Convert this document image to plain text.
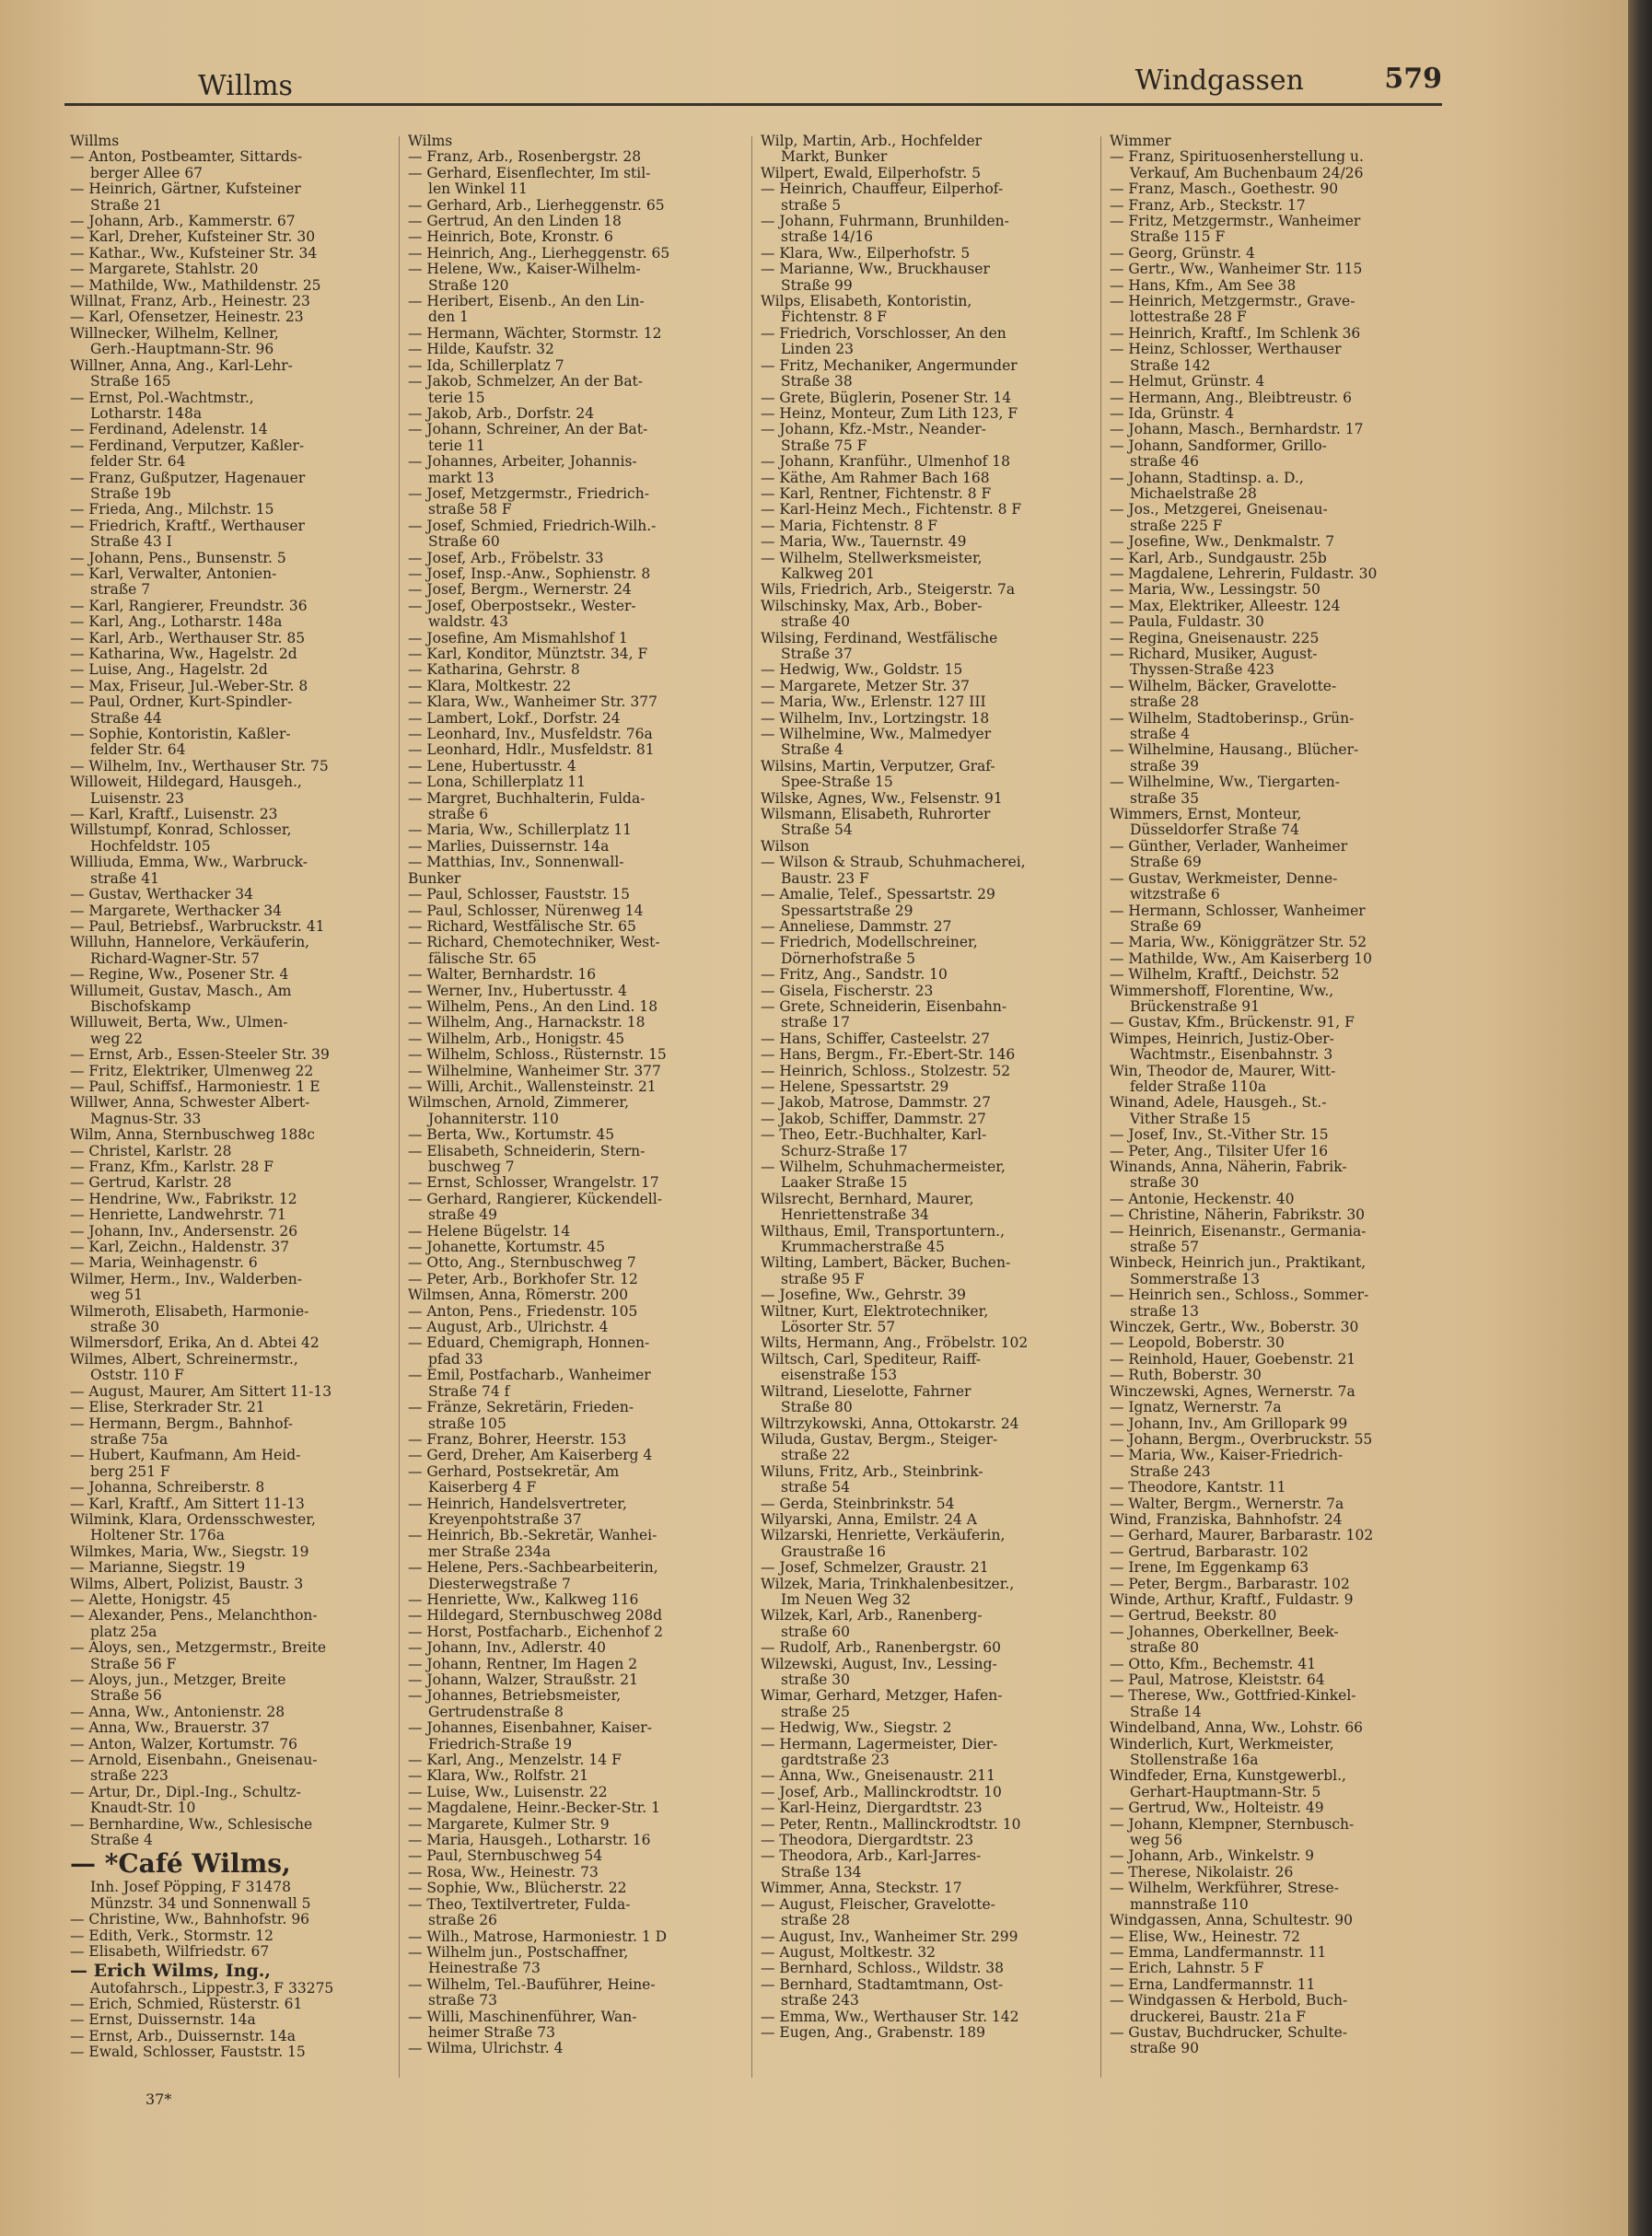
Willms	Windgassen	579
Willms
— Anton, Postbeamter, Sittards-
berger Allee 67
— Heinrich, Gärtner, Kufsteiner
Straße 21
— Johann, Arb., Kammerstr. 67
— Karl, Dreher, Kufsteiner Str. 30
— Kathar., Ww., Kufsteiner Str. 34
— Margarete, Stahlstr. 20
— Mathilde, Ww., Mathildenstr. 25
Willnat, Franz, Arb., Heinestr. 23
— Karl, Ofensetzer, Heinestr. 23
Willnecker, Wilhelm, Kellner,
Gerh.-Hauptmann-Str. 96
Willner, Anna, Ang., Karl-Lehr-
Straße 165
— Ernst, Pol.-Wachtmstr.,
Lotharstr. 148a
— Ferdinand, Adelenstr. 14
— Ferdinand, Verputzer, Kaßler-
felder Str. 64
— Franz, Gußputzer, Hagenauer
Straße 19b
— Frieda, Ang., Milchstr. 15
— Friedrich, Kraftf., Werthauser
Straße 43 I
— Johann, Pens., Bunsenstr. 5
— Karl, Verwalter, Antonien-
straße 7
— Karl, Rangierer, Freundstr. 36
— Karl, Ang., Lotharstr. 148a
— Karl, Arb., Werthauser Str. 85
— Katharina, Ww., Hagelstr. 2d
— Luise, Ang., Hagelstr. 2d
— Max, Friseur, Jul.-Weber-Str. 8
— Paul, Ordner, Kurt-Spindler-
Straße 44
— Sophie, Kontoristin, Kaßler-
felder Str. 64
— Wilhelm, Inv., Werthauser Str. 75
Willoweit, Hildegard, Hausgeh.,
Luisenstr. 23
— Karl, Kraftf., Luisenstr. 23
Willstumpf, Konrad, Schlosser,
Hochfeldstr. 105
Williuda, Emma, Ww., Warbruck-
straße 41
— Gustav, Werthacker 34
— Margarete, Werthacker 34
— Paul, Betriebsf., Warbruckstr. 41
Willuhn, Hannelore, Verkäuferin,
Richard-Wagner-Str. 57
— Regine, Ww., Posener Str. 4
Willumeit, Gustav, Masch., Am
Bischofskamp
Willuweit, Berta, Ww., Ulmen-
weg 22
— Ernst, Arb., Essen-Steeler Str. 39
— Fritz, Elektriker, Ulmenweg 22
— Paul, Schiffsf., Harmoniestr. 1 E
Willwer, Anna, Schwester Albert-
Magnus-Str. 33
Wilm, Anna, Sternbuschweg 188c
— Christel, Karlstr. 28
— Franz, Kfm., Karlstr. 28 F
— Gertrud, Karlstr. 28
— Hendrine, Ww., Fabrikstr. 12
— Henriette, Landwehrstr. 71
— Johann, Inv., Andersenstr. 26
— Karl, Zeichn., Haldenstr. 37
— Maria, Weinhagenstr. 6
Wilmer, Herm., Inv., Walderben-
weg 51
Wilmeroth, Elisabeth, Harmonie-
straße 30
Wilmersdorf, Erika, An d. Abtei 42
Wilmes, Albert, Schreinermstr.,
Oststr. 110 F
— August, Maurer, Am Sittert 11-13
— Elise, Sterkrader Str. 21
— Hermann, Bergm., Bahnhof-
straße 75a
— Hubert, Kaufmann, Am Heid-
berg 251 F
— Johanna, Schreiberstr. 8
— Karl, Kraftf., Am Sittert 11-13
Wilmink, Klara, Ordensschwester,
Holtener Str. 176a
Wilmkes, Maria, Ww., Siegstr. 19
— Marianne, Siegstr. 19
Wilms, Albert, Polizist, Baustr. 3
— Alette, Honigstr. 45
— Alexander, Pens., Melanchthon-
platz 25a
— Aloys, sen., Metzgermstr., Breite
Straße 56 F
— Aloys, jun., Metzger, Breite
Straße 56
— Anna, Ww., Antonienstr. 28
— Anna, Ww., Brauerstr. 37
— Anton, Walzer, Kortumstr. 76
— Arnold, Eisenbahn., Gneisenau-
straße 223
— Artur, Dr., Dipl.-Ing., Schultz-
Knaudt-Str. 10
— Bernhardine, Ww., Schlesische
Straße 4
— *Café Wilms,
Inh. Josef Pöpping, F 31478
Münzstr. 34 und Sonnenwall 5
— Christine, Ww., Bahnhofstr. 96
— Edith, Verk., Stormstr. 12
— Elisabeth, Wilfriedstr. 67
— Erich Wilms, Ing.,
Autofahrsch., Lippestr.3, F 33275
— Erich, Schmied, Rüsterstr. 61
— Ernst, Duissernstr. 14a
— Ernst, Arb., Duissernstr. 14a
— Ewald, Schlosser, Fauststr. 15
Wilms
— Franz, Arb., Rosenbergstr. 28
— Gerhard, Eisenflechter, Im stil-
len Winkel 11
— Gerhard, Arb., Lierheggenstr. 65
— Gertrud, An den Linden 18
— Heinrich, Bote, Kronstr. 6
— Heinrich, Ang., Lierheggenstr. 65
— Helene, Ww., Kaiser-Wilhelm-
Straße 120
— Heribert, Eisenb., An den Lin-
den 1
— Hermann, Wächter, Stormstr. 12
— Hilde, Kaufstr. 32
— Ida, Schillerplatz 7
— Jakob, Schmelzer, An der Bat-
terie 15
— Jakob, Arb., Dorfstr. 24
— Johann, Schreiner, An der Bat-
terie 11
— Johannes, Arbeiter, Johannis-
markt 13
— Josef, Metzgermstr., Friedrich-
straße 58 F
— Josef, Schmied, Friedrich-Wilh.-
Straße 60
— Josef, Arb., Fröbelstr. 33
— Josef, Insp.-Anw., Sophienstr. 8
— Josef, Bergm., Wernerstr. 24
— Josef, Oberpostsekr., Wester-
waldstr. 43
— Josefine, Am Mismahlshof 1
— Karl, Konditor, Münztstr. 34, F
— Katharina, Gehrstr. 8
— Klara, Moltkestr. 22
— Klara, Ww., Wanheimer Str. 377
— Lambert, Lokf., Dorfstr. 24
— Leonhard, Inv., Musfeldstr. 76a
— Leonhard, Hdlr., Musfeldstr. 81
— Lene, Hubertusstr. 4
— Lona, Schillerplatz 11
— Margret, Buchhalterin, Fulda-
straße 6
— Maria, Ww., Schillerplatz 11
— Marlies, Duissernstr. 14a
— Matthias, Inv., Sonnenwall-
Bunker
— Paul, Schlosser, Fauststr. 15
— Paul, Schlosser, Nürenweg 14
— Richard, Westfälische Str. 65
— Richard, Chemotechniker, West-
fälische Str. 65
— Walter, Bernhardstr. 16
— Werner, Inv., Hubertusstr. 4
— Wilhelm, Pens., An den Lind. 18
— Wilhelm, Ang., Harnackstr. 18
— Wilhelm, Arb., Honigstr. 45
— Wilhelm, Schloss., Rüsternstr. 15
— Wilhelmine, Wanheimer Str. 377
— Willi, Archit., Wallensteinstr. 21
Wilmschen, Arnold, Zimmerer,
Johanniterstr. 110
— Berta, Ww., Kortumstr. 45
— Elisabeth, Schneiderin, Stern-
buschweg 7
— Ernst, Schlosser, Wrangelstr. 17
— Gerhard, Rangierer, Kückendell-
straße 49
— Helene Bügelstr. 14
— Johanette, Kortumstr. 45
— Otto, Ang., Sternbuschweg 7
— Peter, Arb., Borkhofer Str. 12
Wilmsen, Anna, Römerstr. 200
— Anton, Pens., Friedenstr. 105
— August, Arb., Ulrichstr. 4
— Eduard, Chemigraph, Honnen-
pfad 33
— Emil, Postfacharb., Wanheimer
Straße 74 f
— Fränze, Sekretärin, Frieden-
straße 105
— Franz, Bohrer, Heerstr. 153
— Gerd, Dreher, Am Kaiserberg 4
— Gerhard, Postsekretär, Am
Kaiserberg 4 F
— Heinrich, Handelsvertreter,
Kreyenpohtstraße 37
— Heinrich, Bb.-Sekretär, Wanhei-
mer Straße 234a
— Helene, Pers.-Sachbearbeiterin,
Diesterwegstraße 7
— Henriette, Ww., Kalkweg 116
— Hildegard, Sternbuschweg 208d
— Horst, Postfacharb., Eichenhof 2
— Johann, Inv., Adlerstr. 40
— Johann, Rentner, Im Hagen 2
— Johann, Walzer, Straußstr. 21
— Johannes, Betriebsmeister,
Gertrudenstraße 8
— Johannes, Eisenbahner, Kaiser-
Friedrich-Straße 19
— Karl, Ang., Menzelstr. 14 F
— Klara, Ww., Rolfstr. 21
— Luise, Ww., Luisenstr. 22
— Magdalene, Heinr.-Becker-Str. 1
— Margarete, Kulmer Str. 9
— Maria, Hausgeh., Lotharstr. 16
— Paul, Sternbuschweg 54
— Rosa, Ww., Heinestr. 73
— Sophie, Ww., Blücherstr. 22
— Theo, Textilvertreter, Fulda-
straße 26
— Wilh., Matrose, Harmoniestr. 1 D
— Wilhelm jun., Postschaffner,
Heinestraße 73
— Wilhelm, Tel.-Bauführer, Heine-
straße 73
— Willi, Maschinenführer, Wan-
heimer Straße 73
— Wilma, Ulrichstr. 4
Wilp, Martin, Arb., Hochfelder
Markt, Bunker
Wilpert, Ewald, Eilperhofstr. 5
— Heinrich, Chauffeur, Eilperhof-
straße 5
— Johann, Fuhrmann, Brunhilden-
straße 14/16
— Klara, Ww., Eilperhofstr. 5
— Marianne, Ww., Bruckhauser
Straße 99
Wilps, Elisabeth, Kontoristin,
Fichtenstr. 8 F
— Friedrich, Vorschlosser, An den
Linden 23
— Fritz, Mechaniker, Angermunder
Straße 38
— Grete, Büglerin, Posener Str. 14
— Heinz, Monteur, Zum Lith 123, F
— Johann, Kfz.-Mstr., Neander-
Straße 75 F
— Johann, Kranführ., Ulmenhof 18
— Käthe, Am Rahmer Bach 168
— Karl, Rentner, Fichtenstr. 8 F
— Karl-Heinz Mech., Fichtenstr. 8 F
— Maria, Fichtenstr. 8 F
— Maria, Ww., Tauernstr. 49
— Wilhelm, Stellwerksmeister,
Kalkweg 201
Wils, Friedrich, Arb., Steigerstr. 7a
Wilschinsky, Max, Arb., Bober-
straße 40
Wilsing, Ferdinand, Westfälische
Straße 37
— Hedwig, Ww., Goldstr. 15
— Margarete, Metzer Str. 37
— Maria, Ww., Erlenstr. 127 III
— Wilhelm, Inv., Lortzingstr. 18
— Wilhelmine, Ww., Malmedyer
Straße 4
Wilsins, Martin, Verputzer, Graf-
Spee-Straße 15
Wilske, Agnes, Ww., Felsenstr. 91
Wilsmann, Elisabeth, Ruhrorter
Straße 54
Wilson
— Wilson & Straub, Schuhmacherei,
Baustr. 23 F
— Amalie, Telef., Spessartstr. 29
Spessartstraße 29
— Anneliese, Dammstr. 27
— Friedrich, Modellschreiner,
Dörnerhofstraße 5
— Fritz, Ang., Sandstr. 10
— Gisela, Fischerstr. 23
— Grete, Schneiderin, Eisenbahn-
straße 17
— Hans, Schiffer, Casteelstr. 27
— Hans, Bergm., Fr.-Ebert-Str. 146
— Heinrich, Schloss., Stolzestr. 52
— Helene, Spessartstr. 29
— Jakob, Matrose, Dammstr. 27
— Jakob, Schiffer, Dammstr. 27
— Theo, Eetr.-Buchhalter, Karl-
Schurz-Straße 17
— Wilhelm, Schuhmachermeister,
Laaker Straße 15
Wilsrecht, Bernhard, Maurer,
Henriettenstraße 34
Wilthaus, Emil, Transportuntern.,
Krummacherstraße 45
Wilting, Lambert, Bäcker, Buchen-
straße 95 F
— Josefine, Ww., Gehrstr. 39
Wiltner, Kurt, Elektrotechniker,
Lösorter Str. 57
Wilts, Hermann, Ang., Fröbelstr. 102
Wiltsch, Carl, Spediteur, Raiff-
eisenstraße 153
Wiltrand, Lieselotte, Fahrner
Straße 80
Wiltrzykowski, Anna, Ottokarstr. 24
Wiluda, Gustav, Bergm., Steiger-
straße 22
Wiluns, Fritz, Arb., Steinbrink-
straße 54
— Gerda, Steinbrinkstr. 54
Wilyarski, Anna, Emilstr. 24 A
Wilzarski, Henriette, Verkäuferin,
Graustraße 16
— Josef, Schmelzer, Graustr. 21
Wilzek, Maria, Trinkhalenbesitzer.,
Im Neuen Weg 32
Wilzek, Karl, Arb., Ranenberg-
straße 60
— Rudolf, Arb., Ranenbergstr. 60
Wilzewski, August, Inv., Lessing-
straße 30
Wimar, Gerhard, Metzger, Hafen-
straße 25
— Hedwig, Ww., Siegstr. 2
— Hermann, Lagermeister, Dier-
gardtstraße 23
— Anna, Ww., Gneisenaustr. 211
— Josef, Arb., Mallinckrodtstr. 10
— Karl-Heinz, Diergardtstr. 23
— Peter, Rentn., Mallinckrodtstr. 10
— Theodora, Diergardtstr. 23
— Theodora, Arb., Karl-Jarres-
Straße 134
Wimmer, Anna, Steckstr. 17
— August, Fleischer, Gravelotte-
straße 28
— August, Inv., Wanheimer Str. 299
— August, Moltkestr. 32
— Bernhard, Schloss., Wildstr. 38
— Bernhard, Stadtamtmann, Ost-
straße 243
— Emma, Ww., Werthauser Str. 142
— Eugen, Ang., Grabenstr. 189
Wimmer
— Franz, Spirituosenherstellung u.
Verkauf, Am Buchenbaum 24/26
— Franz, Masch., Goethestr. 90
— Franz, Arb., Steckstr. 17
— Fritz, Metzgermstr., Wanheimer
Straße 115 F
— Georg, Grünstr. 4
— Gertr., Ww., Wanheimer Str. 115
— Hans, Kfm., Am See 38
— Heinrich, Metzgermstr., Grave-
lottestraße 28 F
— Heinrich, Kraftf., Im Schlenk 36
— Heinz, Schlosser, Werthauser
Straße 142
— Helmut, Grünstr. 4
— Hermann, Ang., Bleibtreustr. 6
— Ida, Grünstr. 4
— Johann, Masch., Bernhardstr. 17
— Johann, Sandformer, Grillo-
straße 46
— Johann, Stadtinsp. a. D.,
Michaelstraße 28
— Jos., Metzgerei, Gneisenau-
straße 225 F
— Josefine, Ww., Denkmalstr. 7
— Karl, Arb., Sundgaustr. 25b
— Magdalene, Lehrerin, Fuldastr. 30
— Maria, Ww., Lessingstr. 50
— Max, Elektriker, Alleestr. 124
— Paula, Fuldastr. 30
— Regina, Gneisenaustr. 225
— Richard, Musiker, August-
Thyssen-Straße 423
— Wilhelm, Bäcker, Gravelotte-
straße 28
— Wilhelm, Stadtoberinsp., Grün-
straße 4
— Wilhelmine, Hausang., Blücher-
straße 39
— Wilhelmine, Ww., Tiergarten-
straße 35
Wimmers, Ernst, Monteur,
Düsseldorfer Straße 74
— Günther, Verlader, Wanheimer
Straße 69
— Gustav, Werkmeister, Denne-
witzstraße 6
— Hermann, Schlosser, Wanheimer
Straße 69
— Maria, Ww., Königgrätzer Str. 52
— Mathilde, Ww., Am Kaiserberg 10
— Wilhelm, Kraftf., Deichstr. 52
Wimmershoff, Florentine, Ww.,
Brückenstraße 91
— Gustav, Kfm., Brückenstr. 91, F
Wimpes, Heinrich, Justiz-Ober-
Wachtmstr., Eisenbahnstr. 3
Win, Theodor de, Maurer, Witt-
felder Straße 110a
Winand, Adele, Hausgeh., St.-
Vither Straße 15
— Josef, Inv., St.-Vither Str. 15
— Peter, Ang., Tilsiter Ufer 16
Winands, Anna, Näherin, Fabrik-
straße 30
— Antonie, Heckenstr. 40
— Christine, Näherin, Fabrikstr. 30
— Heinrich, Eisenanstr., Germania-
straße 57
Winbeck, Heinrich jun., Praktikant,
Sommerstraße 13
— Heinrich sen., Schloss., Sommer-
straße 13
Winczek, Gertr., Ww., Boberstr. 30
— Leopold, Boberstr. 30
— Reinhold, Hauer, Goebenstr. 21
— Ruth, Boberstr. 30
Winczewski, Agnes, Wernerstr. 7a
— Ignatz, Wernerstr. 7a
— Johann, Inv., Am Grillopark 99
— Johann, Bergm., Overbruckstr. 55
— Maria, Ww., Kaiser-Friedrich-
Straße 243
— Theodore, Kantstr. 11
— Walter, Bergm., Wernerstr. 7a
Wind, Franziska, Bahnhofstr. 24
— Gerhard, Maurer, Barbarastr. 102
— Gertrud, Barbarastr. 102
— Irene, Im Eggenkamp 63
— Peter, Bergm., Barbarastr. 102
Winde, Arthur, Kraftf., Fuldastr. 9
— Gertrud, Beekstr. 80
— Johannes, Oberkellner, Beek-
straße 80
— Otto, Kfm., Bechemstr. 41
— Paul, Matrose, Kleiststr. 64
— Therese, Ww., Gottfried-Kinkel-
Straße 14
Windelband, Anna, Ww., Lohstr. 66
Winderlich, Kurt, Werkmeister,
Stollenstraße 16a
Windfeder, Erna, Kunstgewerbl.,
Gerhart-Hauptmann-Str. 5
— Gertrud, Ww., Holteistr. 49
— Johann, Klempner, Sternbusch-
weg 56
— Johann, Arb., Winkelstr. 9
— Therese, Nikolaistr. 26
— Wilhelm, Werkführer, Strese-
mannstraße 110
Windgassen, Anna, Schultestr. 90
— Elise, Ww., Heinestr. 72
— Emma, Landfermannstr. 11
— Erich, Lahnstr. 5 F
— Erna, Landfermannstr. 11
— Windgassen & Herbold, Buch-
druckerei, Baustr. 21a F
— Gustav, Buchdrucker, Schulte-
straße 90
37*
